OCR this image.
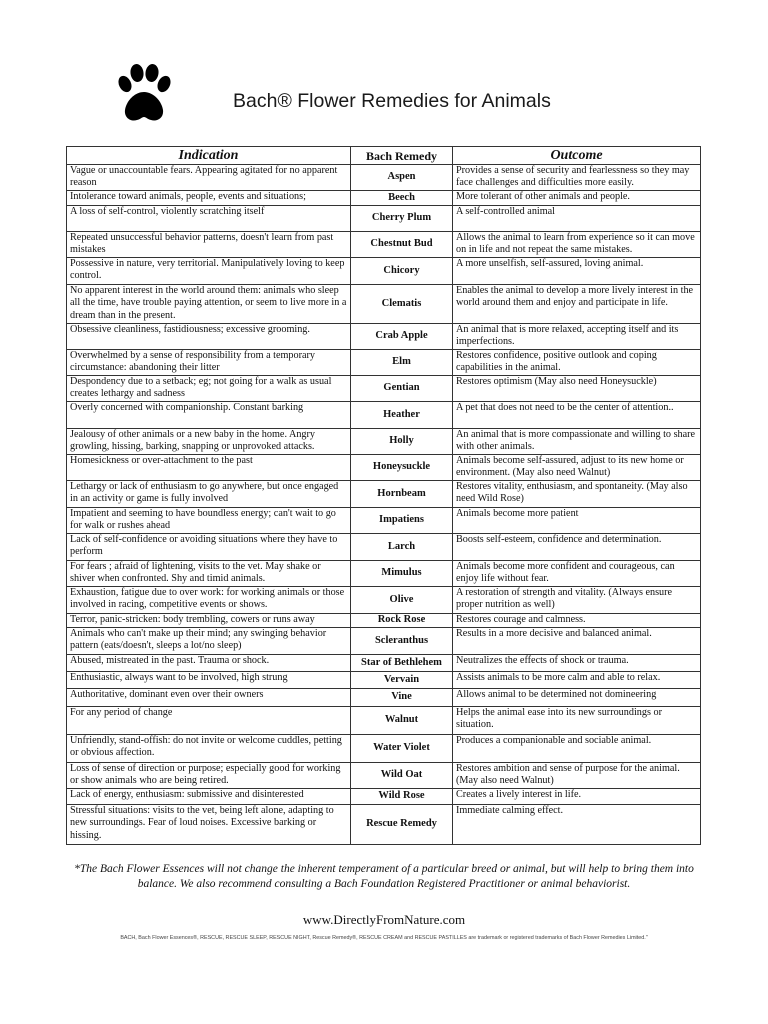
Bach® Flower Remedies for Animals
Indication	Bach Remedy	Outcome
Vague or unaccountable fears. Appearing agitated for no apparent reason	Aspen	Provides a sense of security and fearlessness so they may face challenges and difficulties more easily.
Intolerance toward animals, people, events and situations;	Beech	More tolerant of other animals and people.
A loss of self-control, violently scratching itself	Cherry Plum	A self-controlled animal
Repeated unsuccessful behavior patterns, doesn't learn from past mistakes	Chestnut Bud	Allows the animal to learn from experience so it can move on in life and not repeat the same mistakes.
Possessive in nature, very territorial. Manipulatively loving to keep control.	Chicory	A more unselfish, self-assured, loving animal.
No apparent interest in the world around them: animals who sleep all the time, have trouble paying attention, or seem to live more in a dream than in the present.	Clematis	Enables the animal to develop a more lively interest in the world around them and enjoy and participate in life.
Obsessive cleanliness, fastidiousness; excessive grooming.	Crab Apple	An animal that is more relaxed, accepting itself and its imperfections.
Overwhelmed by a sense of responsibility from a temporary circumstance: abandoning their litter	Elm	Restores confidence, positive outlook and coping capabilities in the animal.
Despondency due to a setback; eg; not going for a walk as usual creates lethargy and sadness	Gentian	Restores optimism (May also need Honeysuckle)
Overly concerned with companionship. Constant barking	Heather	A pet that does not need to be the center of attention..
Jealousy of other animals or a new baby in the home. Angry growling, hissing, barking, snapping or unprovoked attacks.	Holly	An animal that is more compassionate and willing to share with other animals.
Homesickness or over-attachment to the past	Honeysuckle	Animals become self-assured, adjust to its new home or environment. (May also need Walnut)
Lethargy or lack of enthusiasm to go anywhere, but once engaged in an activity or game is fully involved	Hornbeam	Restores vitality, enthusiasm, and spontaneity. (May also need Wild Rose)
Impatient and seeming to have boundless energy; can't wait to go for walk or rushes ahead	Impatiens	Animals become more patient
Lack of self-confidence or avoiding situations where they have to perform	Larch	Boosts self-esteem, confidence and determination.
For fears ; afraid of lightening, visits to the vet. May shake or shiver when confronted. Shy and timid animals.	Mimulus	Animals become more confident and courageous, can enjoy life without fear.
Exhaustion, fatigue due to over work: for working animals or those involved in racing, competitive events or shows.	Olive	A restoration of strength and vitality. (Always ensure proper nutrition as well)
Terror, panic-stricken: body trembling, cowers or runs away	Rock Rose	Restores courage and calmness.
Animals who can't make up their mind; any swinging behavior pattern (eats/doesn't, sleeps a lot/no sleep)	Scleranthus	Results in a more decisive and balanced animal.
Abused, mistreated in the past. Trauma or shock.	Star of Bethlehem	Neutralizes the effects of shock or trauma.
Enthusiastic, always want to be involved, high strung	Vervain	Assists animals to be more calm and able to relax.
Authoritative, dominant even over their owners	Vine	Allows animal to be determined not domineering
For any period of change	Walnut	Helps the animal ease into its new surroundings or situation.
Unfriendly, stand-offish: do not invite or welcome cuddles, petting or obvious affection.	Water Violet	Produces a companionable and sociable animal.
Loss of sense of direction or purpose; especially good for working or show animals who are being retired.	Wild Oat	Restores ambition and sense of purpose for the animal. (May also need Walnut)
Lack of energy, enthusiasm: submissive and disinterested	Wild Rose	Creates a lively interest in life.
Stressful situations: visits to the vet, being left alone, adapting to new surroundings. Fear of loud noises. Excessive barking or hissing.	Rescue Remedy	Immediate calming effect.
*The Bach Flower Essences will not change the inherent temperament of a particular breed or animal, but will help to bring them into balance. We also recommend consulting a Bach Foundation Registered Practitioner or animal behaviorist.
www.DirectlyFromNature.com
BACH, Bach Flower Essences®, RESCUE, RESCUE SLEEP, RESCUE NIGHT, Rescue Remedy®, RESCUE CREAM and RESCUE PASTILLES are trademark or registered trademarks of Bach Flower Remedies Limited."
